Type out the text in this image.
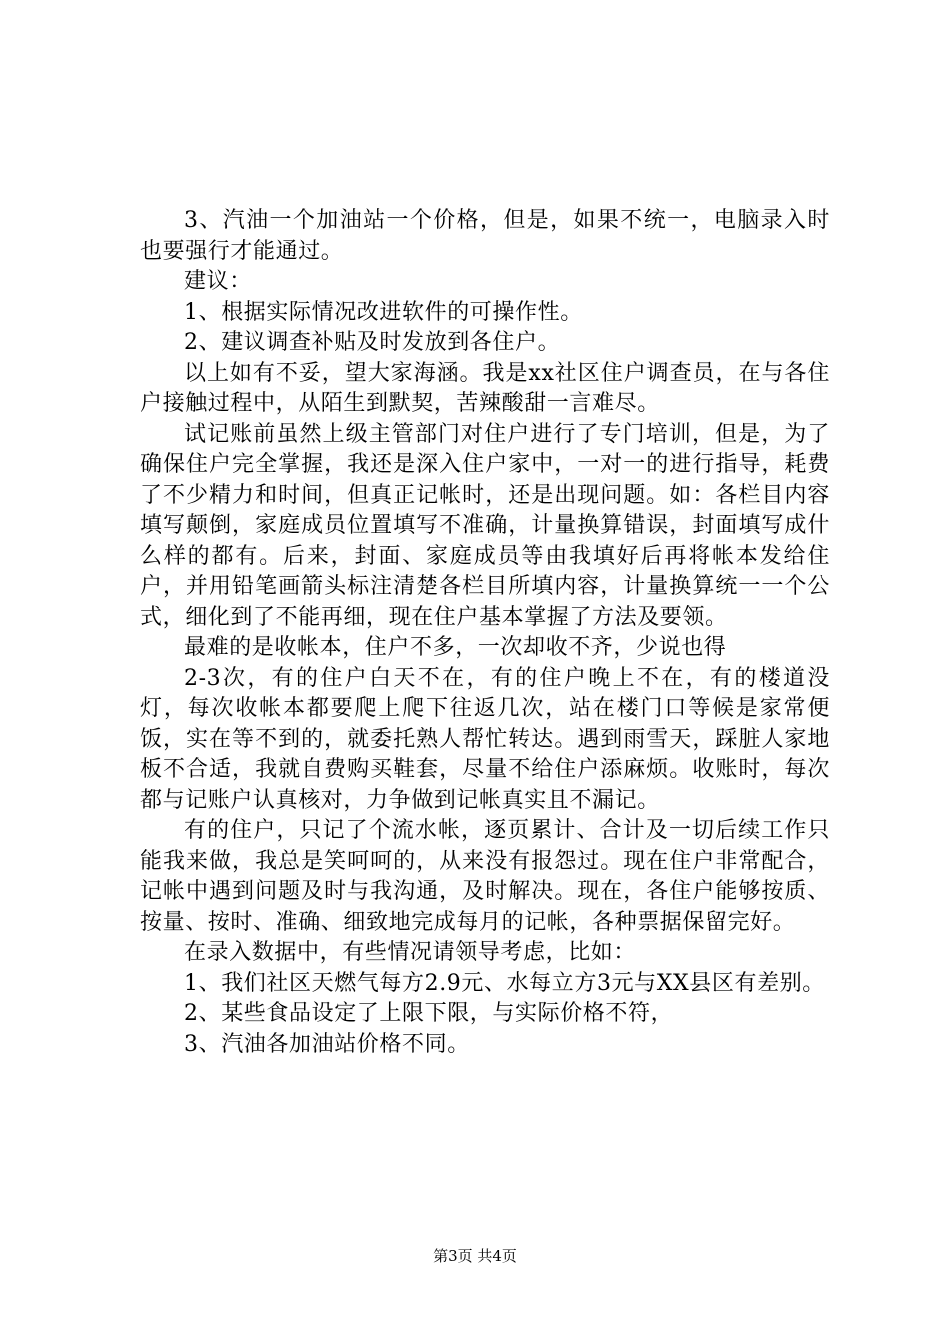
3、汽油一个加油站一个价格，但是，如果不统一，电脑录入时也要强行才能通过。

建议：

1、根据实际情况改进软件的可操作性。

2、建议调查补贴及时发放到各住户。

以上如有不妥，望大家海涵。我是xx社区住户调查员，在与各住户接触过程中，从陌生到默契，苦辣酸甜一言难尽。

试记账前虽然上级主管部门对住户进行了专门培训，但是，为了确保住户完全掌握，我还是深入住户家中，一对一的进行指导，耗费了不少精力和时间，但真正记帐时，还是出现问题。如：各栏目内容填写颠倒，家庭成员位置填写不准确，计量换算错误，封面填写成什么样的都有。后来，封面、家庭成员等由我填好后再将帐本发给住户，并用铅笔画箭头标注清楚各栏目所填内容，计量换算统一一个公式，细化到了不能再细，现在住户基本掌握了方法及要领。

最难的是收帐本，住户不多，一次却收不齐，少说也得

2-3次，有的住户白天不在，有的住户晚上不在，有的楼道没灯，每次收帐本都要爬上爬下往返几次，站在楼门口等候是家常便饭，实在等不到的，就委托熟人帮忙转达。遇到雨雪天，踩脏人家地板不合适，我就自费购买鞋套，尽量不给住户添麻烦。收账时，每次都与记账户认真核对，力争做到记帐真实且不漏记。

有的住户，只记了个流水帐，逐页累计、合计及一切后续工作只能我来做，我总是笑呵呵的，从来没有报怨过。现在住户非常配合，记帐中遇到问题及时与我沟通，及时解决。现在，各住户能够按质、按量、按时、准确、细致地完成每月的记帐，各种票据保留完好。

在录入数据中，有些情况请领导考虑，比如：

1、我们社区天燃气每方2.9元、水每立方3元与XX县区有差别。

2、某些食品设定了上限下限，与实际价格不符，

3、汽油各加油站价格不同。

第3页 共4页
